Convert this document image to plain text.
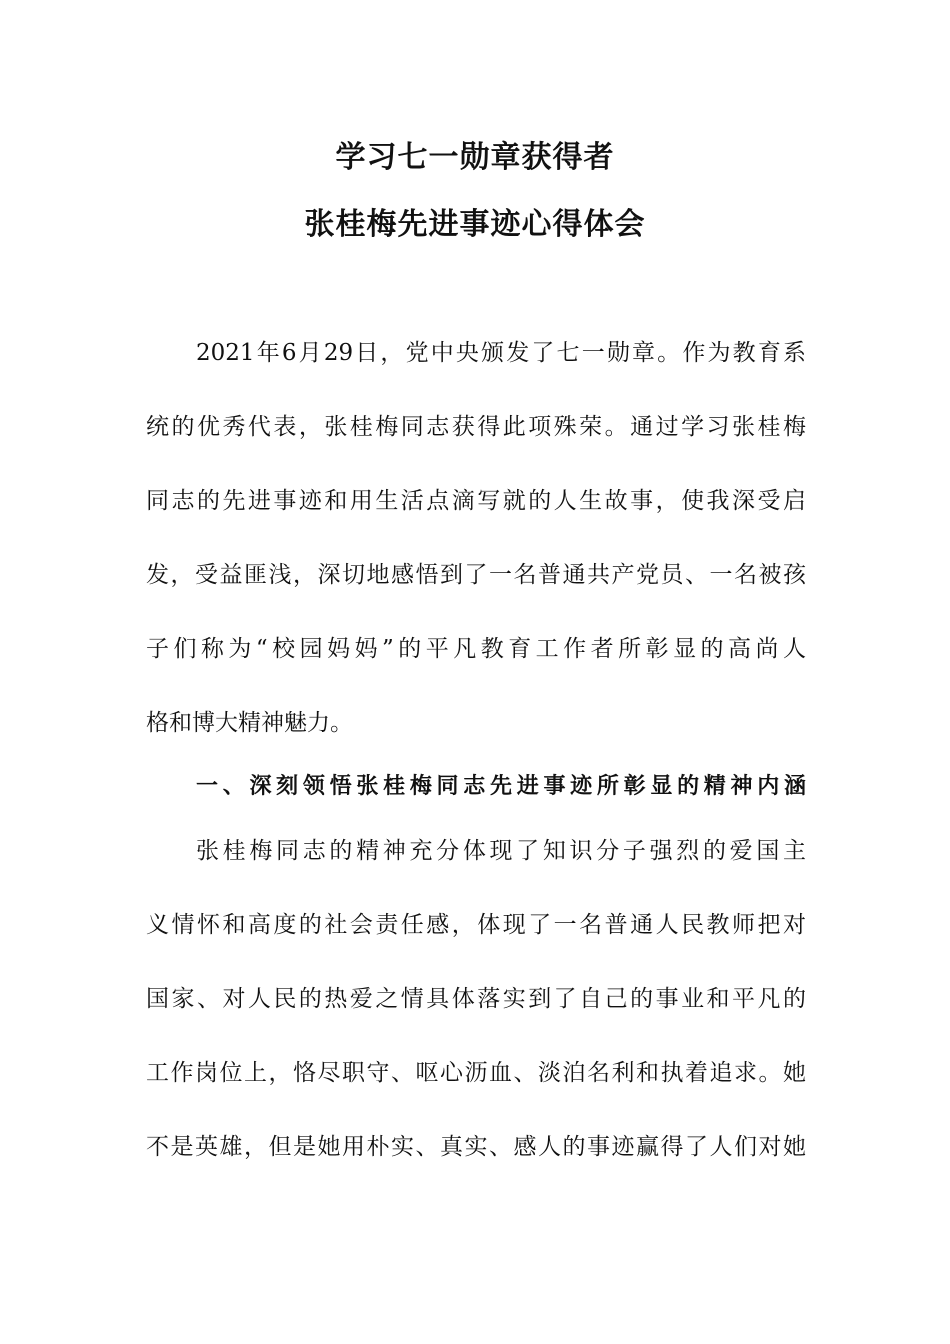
学习七一勋章获得者
张桂梅先进事迹心得体会
2021年6月29日，党中央颁发了七一勋章。作为教育系
统的优秀代表，张桂梅同志获得此项殊荣。通过学习张桂梅
同志的先进事迹和用生活点滴写就的人生故事，使我深受启
发，受益匪浅，深切地感悟到了一名普通共产党员、一名被孩
子们称为“校园妈妈”的平凡教育工作者所彰显的高尚人
格和博大精神魅力。
一、深刻领悟张桂梅同志先进事迹所彰显的精神内涵
张桂梅同志的精神充分体现了知识分子强烈的爱国主
义情怀和高度的社会责任感，体现了一名普通人民教师把对
国家、对人民的热爱之情具体落实到了自己的事业和平凡的
工作岗位上，恪尽职守、呕心沥血、淡泊名利和执着追求。她
不是英雄，但是她用朴实、真实、感人的事迹赢得了人们对她
